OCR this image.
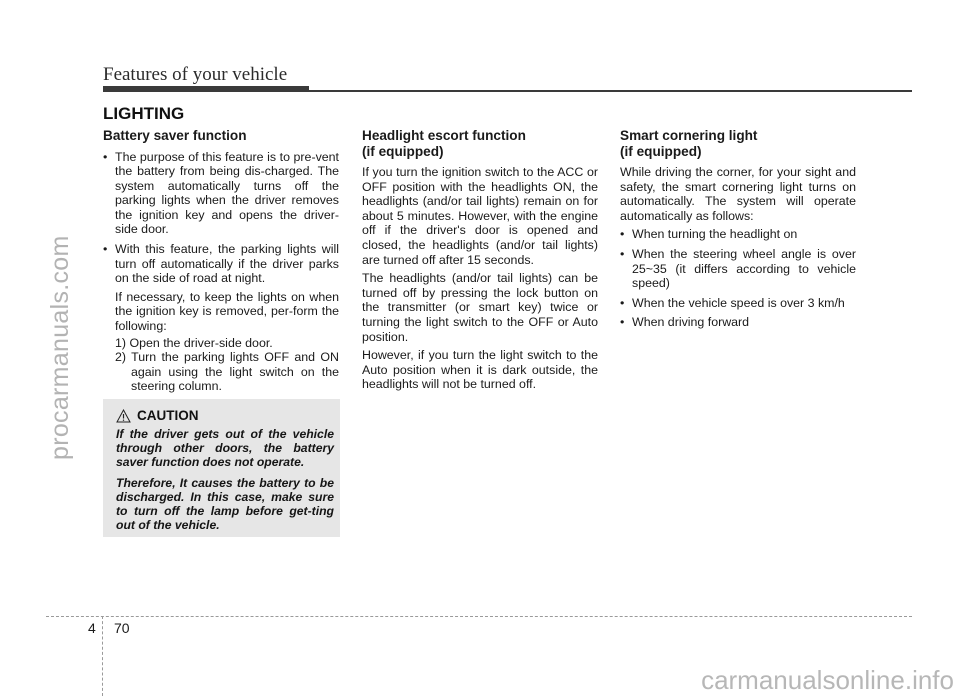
Features of your vehicle
LIGHTING
procarmanuals.com
carmanualsonline.info
Battery saver function
• The purpose of this feature is to pre-vent the battery from being dis-charged. The system automatically turns off the parking lights when the driver removes the ignition key and opens the driver-side door.
• With this feature, the parking lights will turn off automatically if the driver parks on the side of road at night.
If necessary, to keep the lights on when the ignition key is removed, per-form the following:
1) Open the driver-side door.
2) Turn the parking lights OFF and ON again using the light switch on the steering column.
CAUTION

If the driver gets out of the vehicle through other doors, the battery saver function does not operate.

Therefore, It causes the battery to be discharged. In this case, make sure to turn off the lamp before get-ting out of the vehicle.

Headlight escort function
(if equipped)

If you turn the ignition switch to the ACC or OFF position with the headlights ON, the headlights (and/or tail lights) remain on for about 5 minutes. However, with the engine off if the driver's door is opened and closed, the headlights (and/or tail lights) are turned off after 15 seconds.

The headlights (and/or tail lights) can be turned off by pressing the lock button on the transmitter (or smart key) twice or turning the light switch to the OFF or Auto position.

However, if you turn the light switch to the Auto position when it is dark outside, the headlights will not be turned off.

Smart cornering light
(if equipped)

While driving the corner, for your sight and safety, the smart cornering light turns on automatically. The system will operate automatically as follows:

• When turning the headlight on
• When the steering wheel angle is over 25~35 (it differs according to vehicle speed)
• When the vehicle speed is over 3 km/h
• When driving forward
4 70
